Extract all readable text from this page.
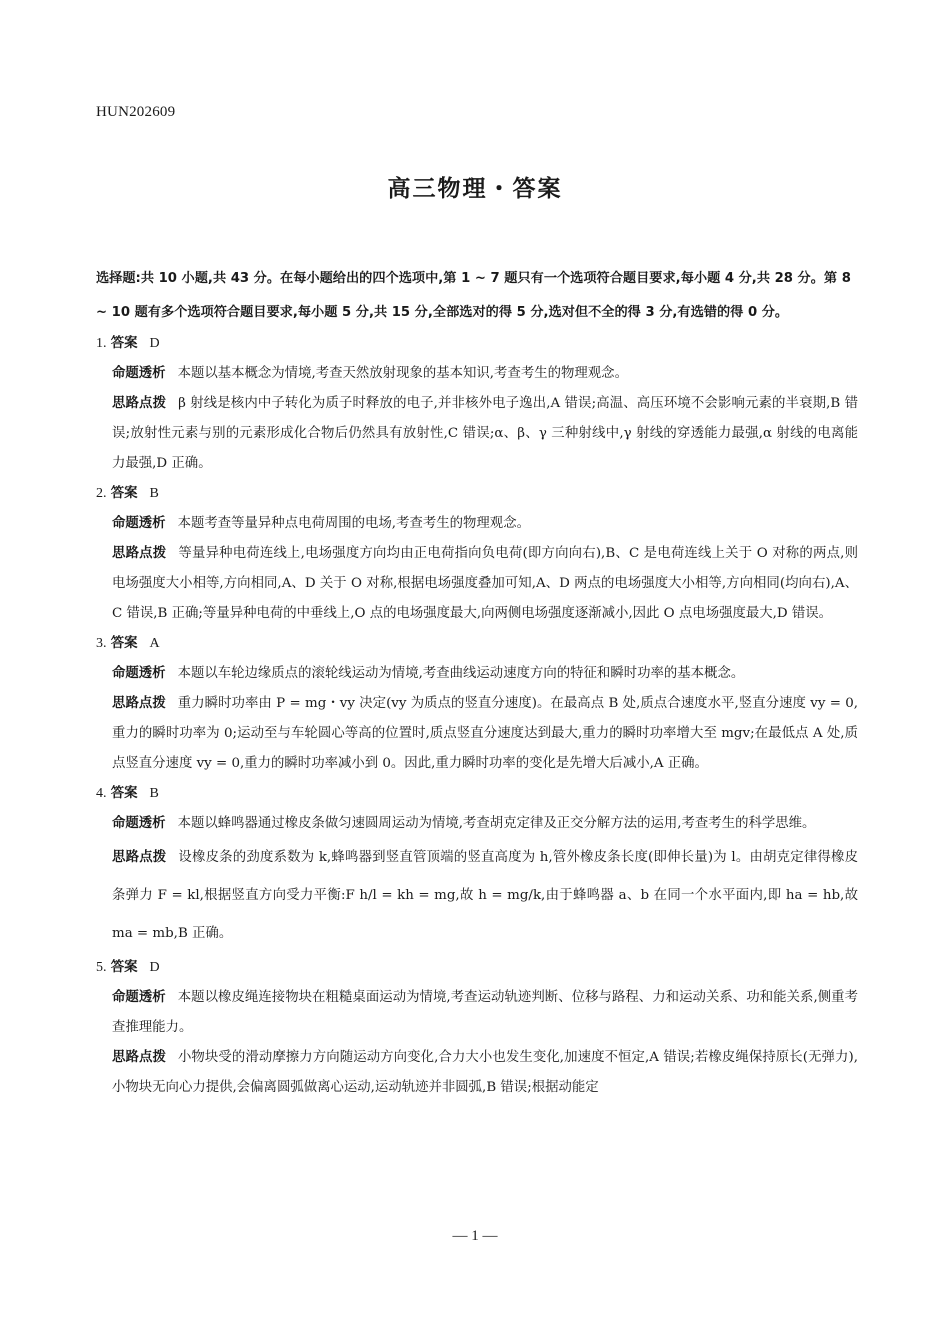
HUN202609
高三物理・答案

选择题:共 10 小题,共 43 分。在每小题给出的四个选项中,第 1 ~ 7 题只有一个选项符合题目要求,每小题 4 分,共 28 分。第 8 ~ 10 题有多个选项符合题目要求,每小题 5 分,共 15 分,全部选对的得 5 分,选对但不全的得 3 分,有选错的得 0 分。

1. 答案 D

命题透析 本题以基本概念为情境,考查天然放射现象的基本知识,考查考生的物理观念。

思路点拨 β 射线是核内中子转化为质子时释放的电子,并非核外电子逸出,A 错误;高温、高压环境不会影响元素的半衰期,B 错误;放射性元素与别的元素形成化合物后仍然具有放射性,C 错误;α、β、γ 三种射线中,γ 射线的穿透能力最强,α 射线的电离能力最强,D 正确。

2. 答案 B

命题透析 本题考查等量异种点电荷周围的电场,考查考生的物理观念。

思路点拨 等量异种电荷连线上,电场强度方向均由正电荷指向负电荷(即方向向右),B、C 是电荷连线上关于 O 对称的两点,则电场强度大小相等,方向相同,A、D 关于 O 对称,根据电场强度叠加可知,A、D 两点的电场强度大小相等,方向相同(均向右),A、C 错误,B 正确;等量异种电荷的中垂线上,O 点的电场强度最大,向两侧电场强度逐渐减小,因此 O 点电场强度最大,D 错误。

3. 答案 A

命题透析 本题以车轮边缘质点的滚轮线运动为情境,考查曲线运动速度方向的特征和瞬时功率的基本概念。

思路点拨 重力瞬时功率由 P = mg・vy 决定(vy 为质点的竖直分速度)。在最高点 B 处,质点合速度水平,竖直分速度 vy = 0,重力的瞬时功率为 0;运动至与车轮圆心等高的位置时,质点竖直分速度达到最大,重力的瞬时功率增大至 mgv;在最低点 A 处,质点竖直分速度 vy = 0,重力的瞬时功率减小到 0。因此,重力瞬时功率的变化是先增大后减小,A 正确。

4. 答案 B

命题透析 本题以蜂鸣器通过橡皮条做匀速圆周运动为情境,考查胡克定律及正交分解方法的运用,考查考生的科学思维。

思路点拨 设橡皮条的劲度系数为 k,蜂鸣器到竖直管顶端的竖直高度为 h,管外橡皮条长度(即伸长量)为 l。由胡克定律得橡皮条弹力 F = kl,根据竖直方向受力平衡:F h/l = kh = mg,故 h = mg/k,由于蜂鸣器 a、b 在同一个水平面内,即 ha = hb,故 ma = mb,B 正确。

5. 答案 D

命题透析 本题以橡皮绳连接物块在粗糙桌面运动为情境,考查运动轨迹判断、位移与路程、力和运动关系、功和能关系,侧重考查推理能力。

思路点拨 小物块受的滑动摩擦力方向随运动方向变化,合力大小也发生变化,加速度不恒定,A 错误;若橡皮绳保持原长(无弹力),小物块无向心力提供,会偏离圆弧做离心运动,运动轨迹并非圆弧,B 错误;根据动能定

— 1 —
